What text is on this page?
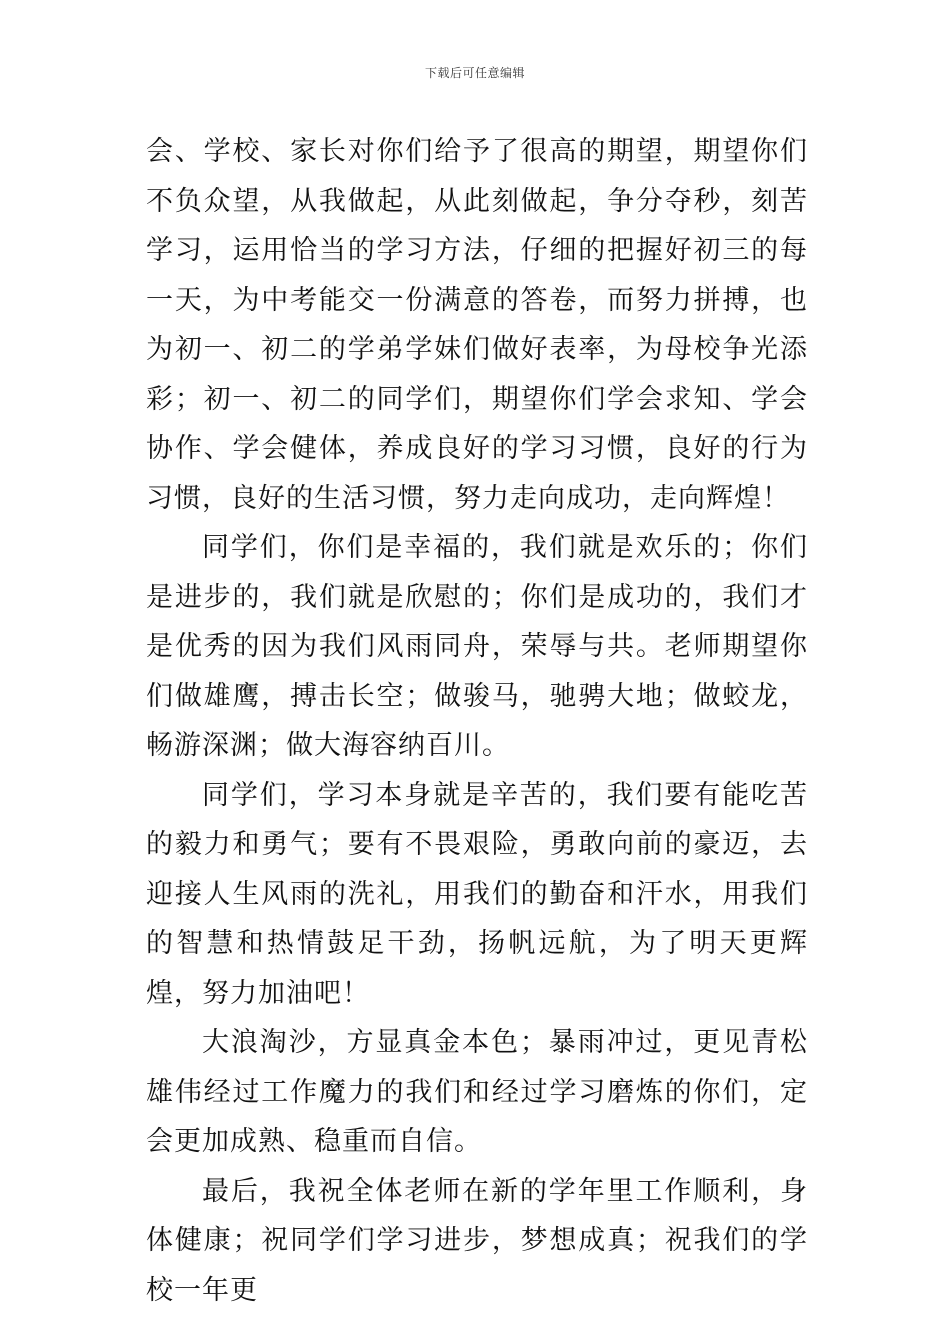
下载后可任意编辑

会、学校、家长对你们给予了很高的期望，期望你们不负众望，从我做起，从此刻做起，争分夺秒，刻苦学习，运用恰当的学习方法，仔细的把握好初三的每一天，为中考能交一份满意的答卷，而努力拼搏，也为初一、初二的学弟学妹们做好表率，为母校争光添彩；初一、初二的同学们，期望你们学会求知、学会协作、学会健体，养成良好的学习习惯，良好的行为习惯，良好的生活习惯，努力走向成功，走向辉煌！

同学们，你们是幸福的，我们就是欢乐的；你们是进步的，我们就是欣慰的；你们是成功的，我们才是优秀的因为我们风雨同舟，荣辱与共。老师期望你们做雄鹰，搏击长空；做骏马，驰骋大地；做蛟龙，畅游深渊；做大海容纳百川。

同学们，学习本身就是辛苦的，我们要有能吃苦的毅力和勇气；要有不畏艰险，勇敢向前的豪迈，去迎接人生风雨的洗礼，用我们的勤奋和汗水，用我们的智慧和热情鼓足干劲，扬帆远航，为了明天更辉煌，努力加油吧！

大浪淘沙，方显真金本色；暴雨冲过，更见青松雄伟经过工作魔力的我们和经过学习磨炼的你们，定会更加成熟、稳重而自信。

最后，我祝全体老师在新的学年里工作顺利，身体健康；祝同学们学习进步，梦想成真；祝我们的学校一年更
